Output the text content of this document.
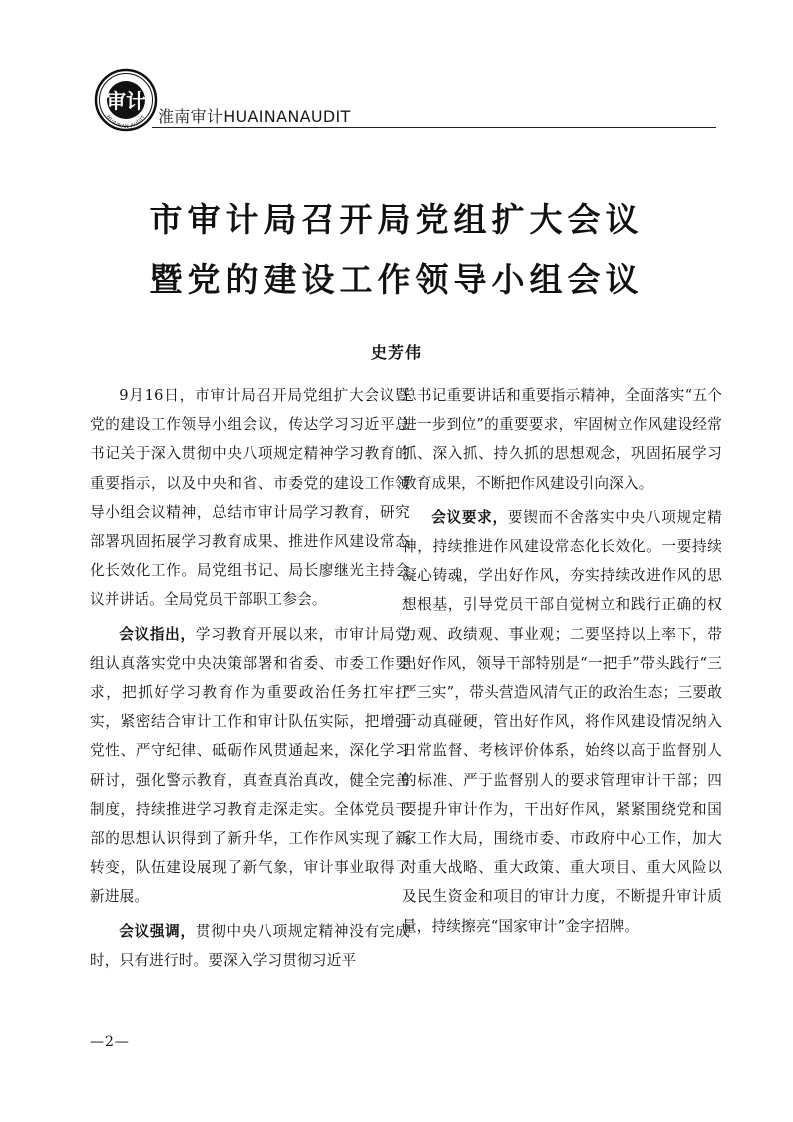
审计
HUAINAN AUDIT 淮南审计HUAINANAUDIT
市审计局召开局党组扩大会议
暨党的建设工作领导小组会议
史芳伟

9月16日，市审计局召开局党组扩大会议暨党的建设工作领导小组会议，传达学习习近平总书记关于深入贯彻中央八项规定精神学习教育的重要指示，以及中央和省、市委党的建设工作领导小组会议精神，总结市审计局学习教育，研究部署巩固拓展学习教育成果、推进作风建设常态化长效化工作。局党组书记、局长廖继光主持会议并讲话。全局党员干部职工参会。

会议指出，学习教育开展以来，市审计局党组认真落实党中央决策部署和省委、市委工作要求，把抓好学习教育作为重要政治任务扛牢扛实，紧密结合审计工作和审计队伍实际，把增强党性、严守纪律、砥砺作风贯通起来，深化学习研讨，强化警示教育，真查真治真改，健全完善制度，持续推进学习教育走深走实。全体党员干部的思想认识得到了新升华，工作作风实现了新转变，队伍建设展现了新气象，审计事业取得了新进展。

会议强调，贯彻中央八项规定精神没有完成时，只有进行时。要深入学习贯彻习近平

总书记重要讲话和重要指示精神，全面落实“五个进一步到位”的重要要求，牢固树立作风建设经常抓、深入抓、持久抓的思想观念，巩固拓展学习教育成果，不断把作风建设引向深入。

会议要求，要锲而不舍落实中央八项规定精神，持续推进作风建设常态化长效化。一要持续凝心铸魂，学出好作风，夯实持续改进作风的思想根基，引导党员干部自觉树立和践行正确的权力观、政绩观、事业观；二要坚持以上率下，带出好作风，领导干部特别是“一把手”带头践行“三严三实”，带头营造风清气正的政治生态；三要敢于动真碰硬，管出好作风，将作风建设情况纳入日常监督、考核评价体系，始终以高于监督别人的标准、严于监督别人的要求管理审计干部；四要提升审计作为，干出好作风，紧紧围绕党和国家工作大局，围绕市委、市政府中心工作，加大对重大战略、重大政策、重大项目、重大风险以及民生资金和项目的审计力度，不断提升审计质量，持续擦亮“国家审计”金字招牌。

—2—
